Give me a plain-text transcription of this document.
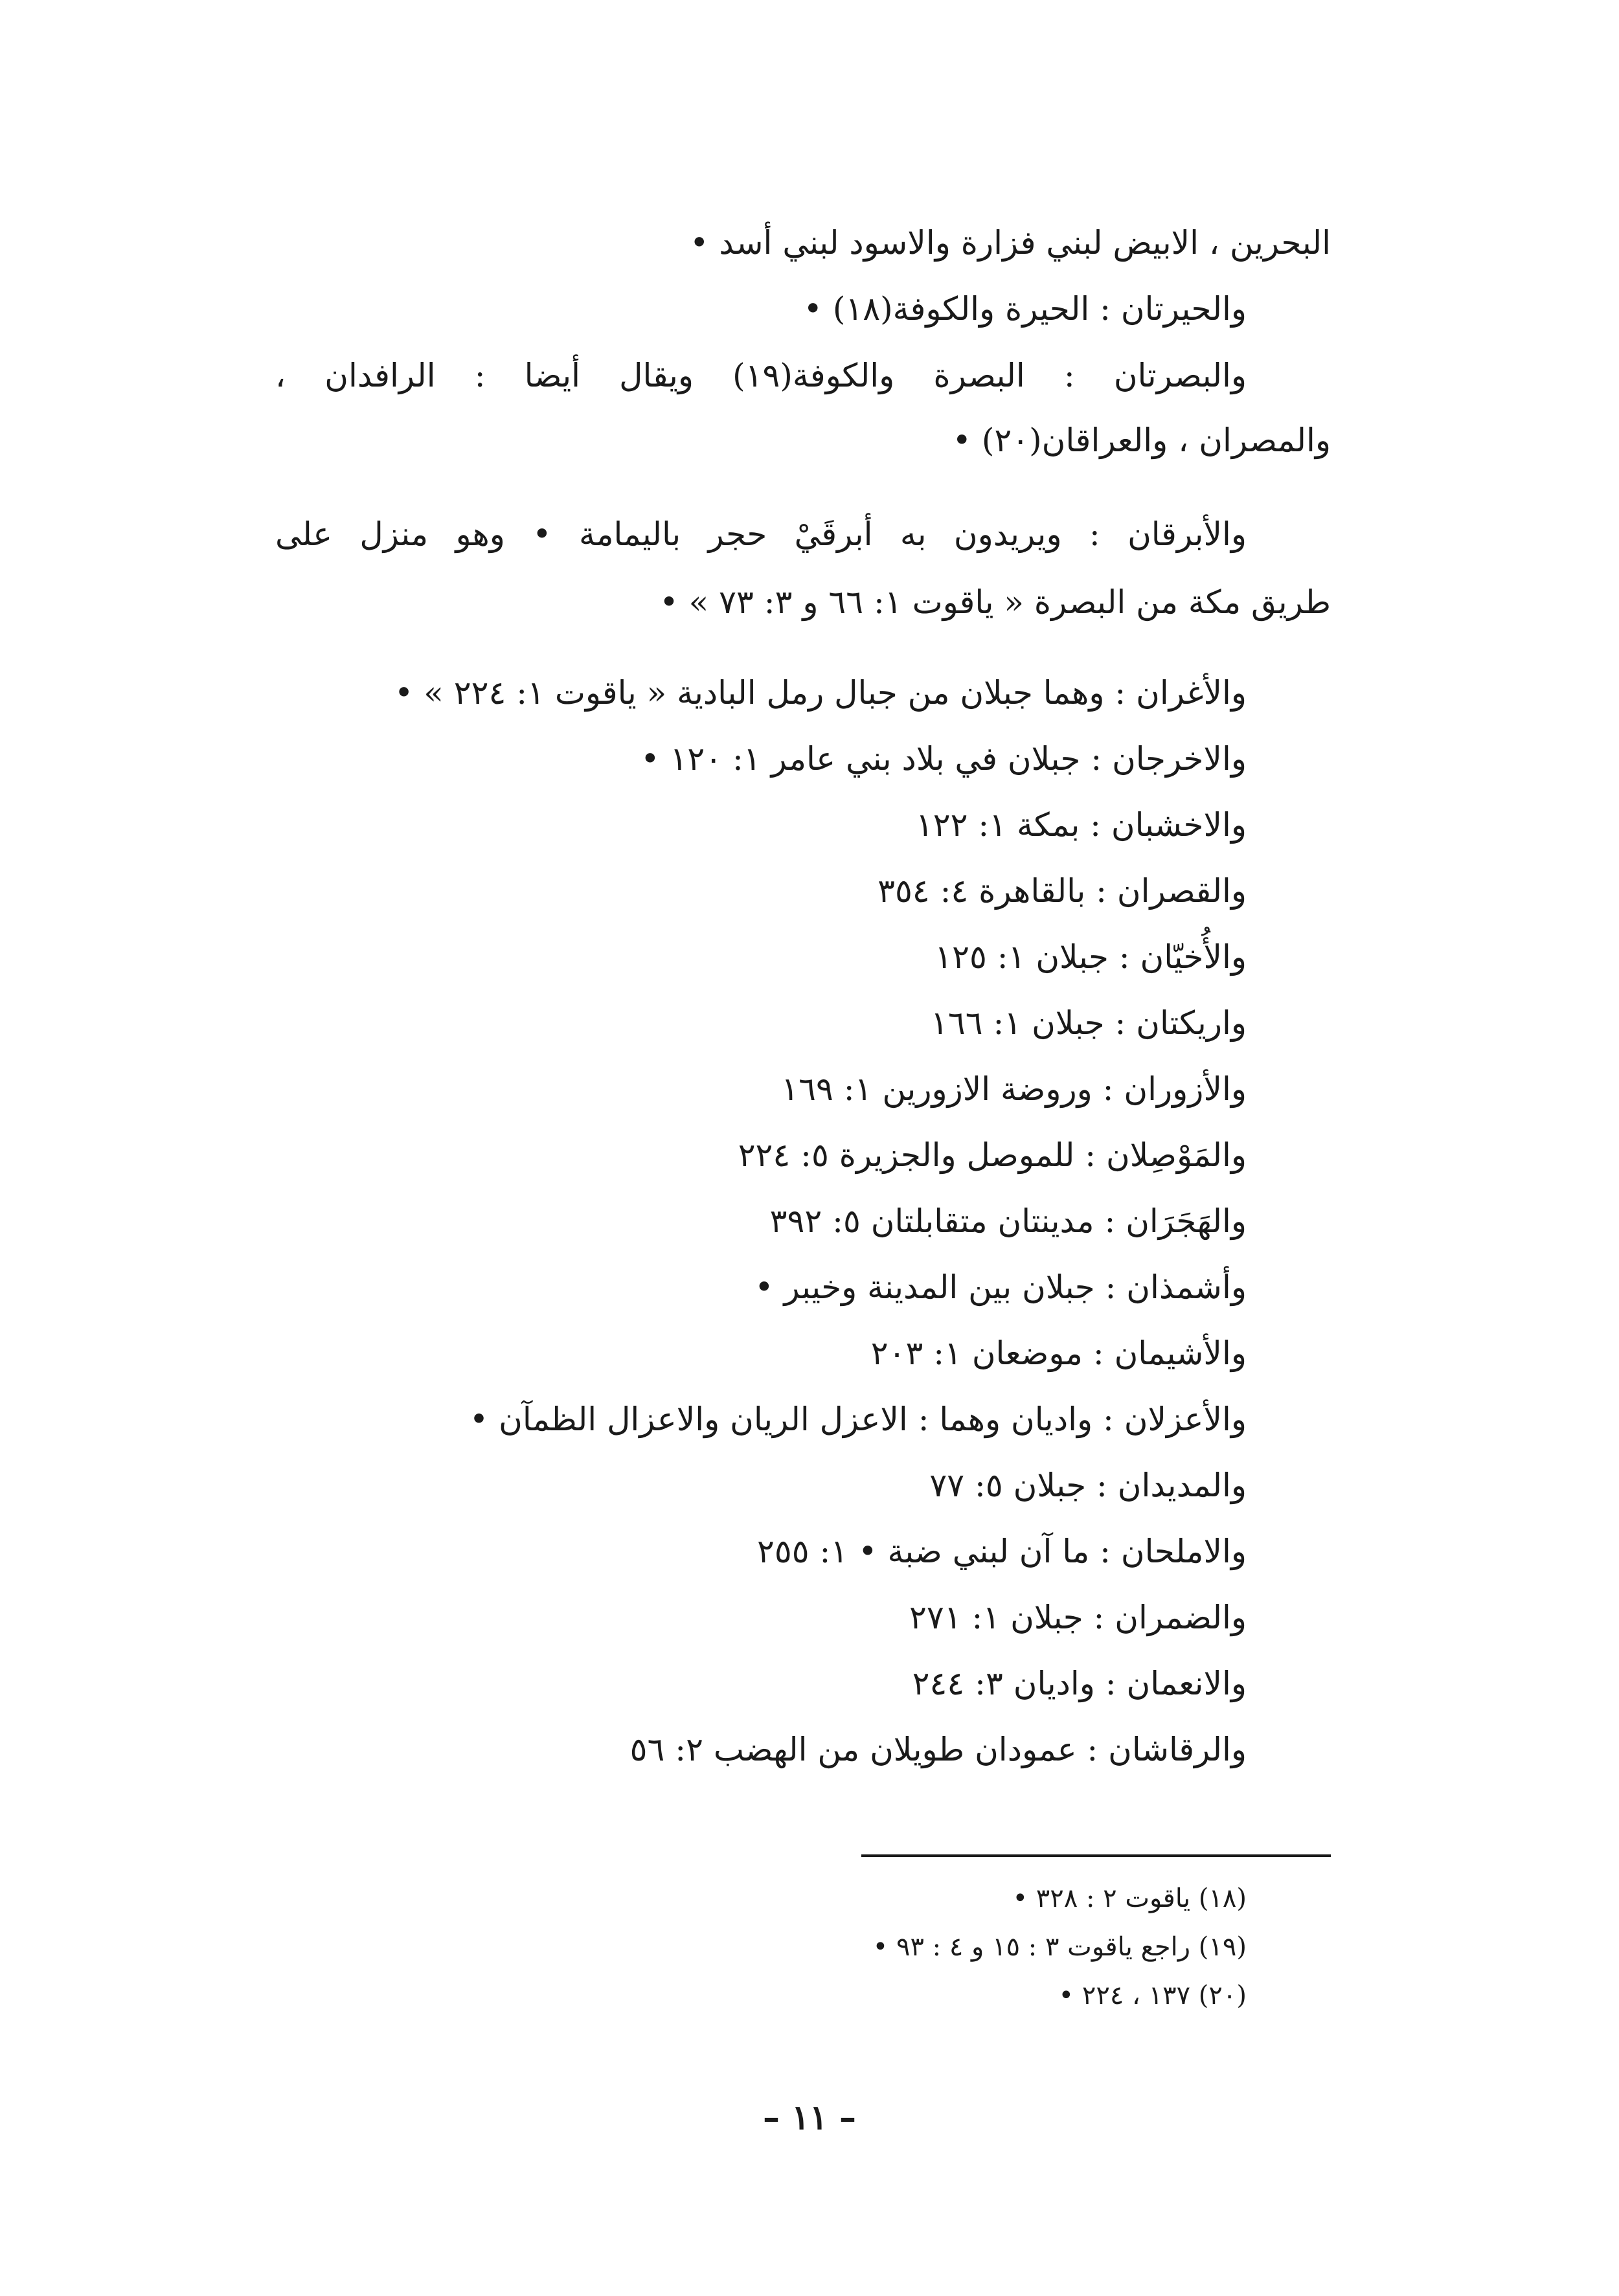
البحرين ، الابيض لبني فزارة والاسود لبني أسد •
والحيرتان : الحيرة والكوفة(١٨) •
والبصرتان : البصرة والكوفة(١٩) ويقال أيضا : الرافدان ،
والمصران ، والعراقان(٢٠) •
والأبرقان : ويريدون به أبرقَيْ حجر باليمامة • وهو منزل على
طريق مكة من البصرة « ياقوت ١: ٦٦ و ٣: ٧٣ » •
والأغران : وهما جبلان من جبال رمل البادية « ياقوت ١: ٢٢٤ » •
والاخرجان : جبلان في بلاد بني عامر ١: ١٢٠ •
والاخشبان : بمكة ١: ١٢٢
والقصران : بالقاهرة ٤: ٣٥٤
والأُخيّان : جبلان ١: ١٢٥
واريكتان : جبلان ١: ١٦٦
والأزوران : وروضة الازورين ١: ١٦٩
والمَوْصِلان : للموصل والجزيرة ٥: ٢٢٤
والهَجَرَان : مدينتان متقابلتان ٥: ٣٩٢
وأشمذان : جبلان بين المدينة وخيبر •
والأشيمان : موضعان ١: ٢٠٣
والأعزلان : واديان وهما : الاعزل الريان والاعزال الظمآن •
والمديدان : جبلان ٥: ٧٧
والاملحان : ما آن لبني ضبة • ١: ٢٥٥
والضمران : جبلان ١: ٢٧١
والانعمان : واديان ٣: ٢٤٤
والرقاشان : عمودان طويلان من الهضب ٢: ٥٦
(١٨) ياقوت ٢ : ٣٢٨ •
(١٩) راجع ياقوت ٣ : ١٥ و ٤ : ٩٣ •
(٢٠) ١٣٧ ، ٢٢٤ •
– ١١ –
